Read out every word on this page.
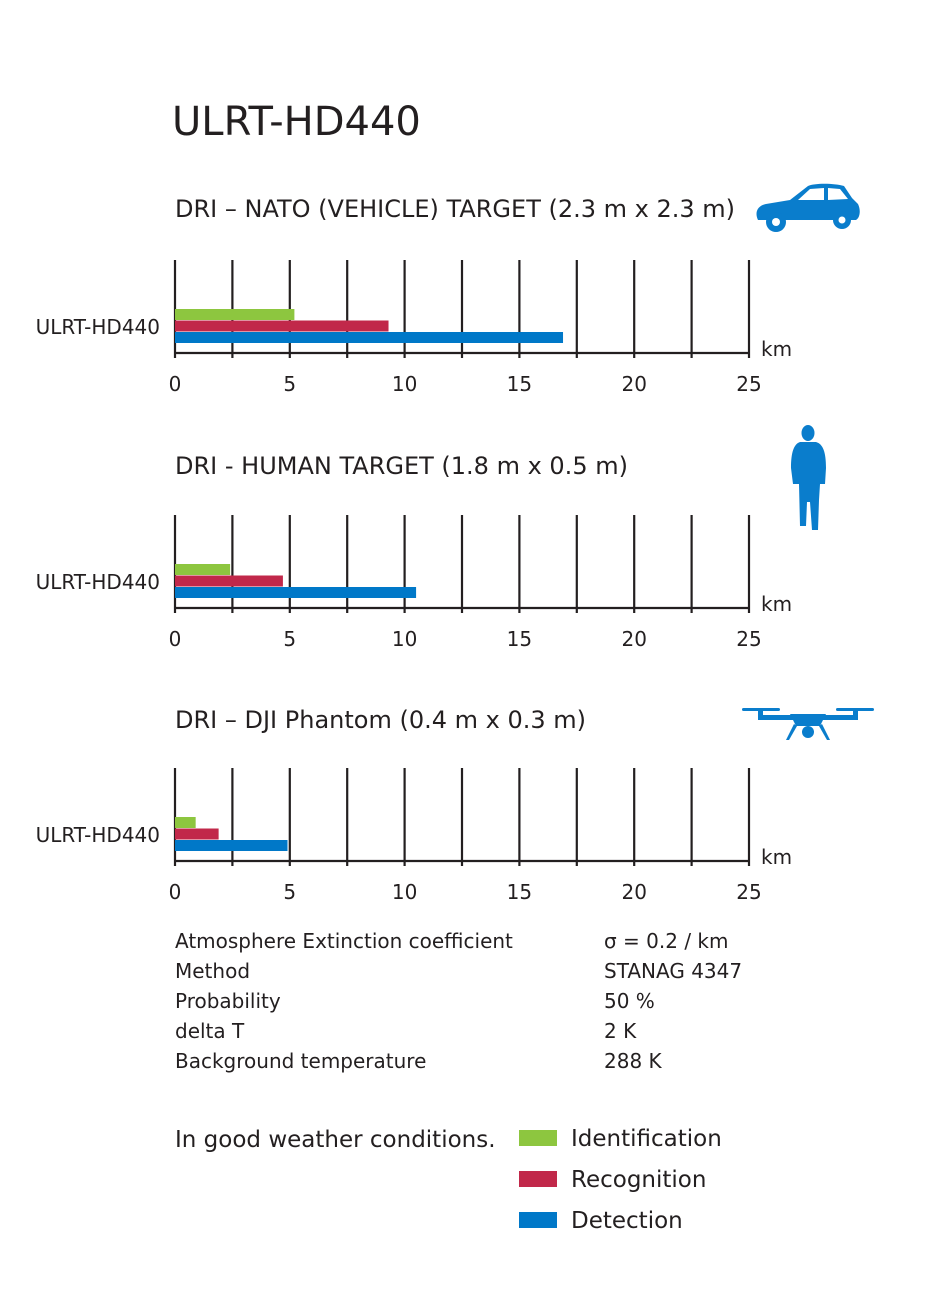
ULRT-HD440
DRI – NATO (VEHICLE) TARGET (2.3 m x 2.3 m)
0	5	10	15	20	25
km
ULRT-HD440
DRI - HUMAN TARGET (1.8 m x 0.5 m)
0	5	10	15	20	25
km
ULRT-HD440
DRI – DJI Phantom (0.4 m x 0.3 m)
0	5	10	15	20	25
km
ULRT-HD440
Atmosphere Extinction coefficient	σ = 0.2 / km
Method	STANAG 4347
Probability	50 %
delta T	2 K
Background temperature	288 K
In good weather conditions.	Identification
Recognition
Detection
